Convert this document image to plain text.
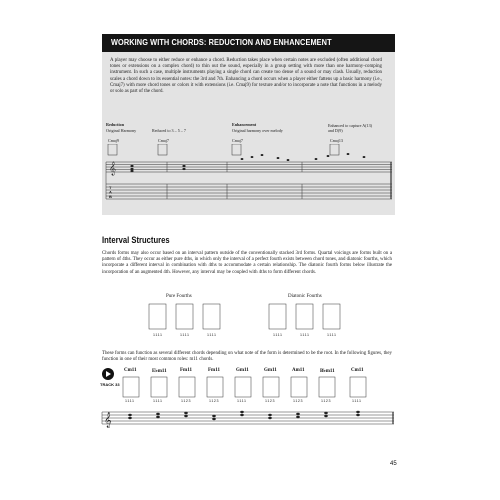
WORKING WITH CHORDS: REDUCTION AND ENHANCEMENT
A player may choose to either reduce or enhance a chord. Reduction takes place when certain notes are excluded (often additional chord tones or extensions on a complex chord) to thin out the sound, especially in a group setting with more than one harmony-comping instrument. In such a case, multiple instruments playing a single chord can create too dense of a sound or may clash. Usually, reduction scales a chord down to its essential notes: the 3rd and 7th. Enhancing a chord occurs when a player either fattens up a basic harmony (i.e., Cmaj7) with more chord tones or colors it with extensions (i.e. Cmaj9) for texture and/or to incorporate a note that functions in a melody or solo as part of the chord.
Reduction
Original Harmony	Reduced to 3 – 5 – 7
Enhancement
Original harmony over melody
Enhanced to capture A(13) and D(9)
Cmaj9	Cmaj7	Cmaj7	Cmaj13
𝄞
T
A
B
Interval Structures
Chords forms may also occur based on an interval pattern outside of the conventionally stacked 3rd forms. Quartal voicings are forms built on a pattern of 4ths. They occur as either pure 4ths, in which only the interval of a perfect fourth exists between chord tones, and diatonic fourths, which incorporate a different interval in combination with 4ths to accommodate a certain relationship. The diatonic fourth forms below illustrate the incorporation of an augmented 4th. However, any interval may be coupled with 4ths to form different chords.
Pure Fourths	Diatonic Fourths
1111	1111	1111	1111	1111	1111
These forms can function as several different chords depending on what note of the form is determined to be the root. In the following figures, they function in one of their most common roles: m11 chords.
TRACK 33
Cm11	E♭m11	Fm11	Fm11	Gm11	Gm11	Am11	B♭m11	Cm11
1111	1111	1123	1123	1111	1123	1123	1123	1111
𝄞
45
